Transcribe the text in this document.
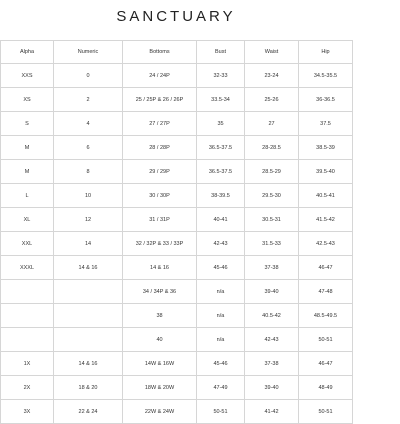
SANCTUARY
Alpha	Numeric	Bottoms	Bust	Waist	Hip
XXS	0	24 / 24P	32-33	23-24	34.5-35.5
XS	2	25 / 25P & 26 / 26P	33.5-34	25-26	36-36.5
S	4	27 / 27P	35	27	37.5
M	6	28 / 28P	36.5-37.5	28-28.5	38.5-39
M	8	29 / 29P	36.5-37.5	28.5-29	39.5-40
L	10	30 / 30P	38-39.5	29.5-30	40.5-41
XL	12	31 / 31P	40-41	30.5-31	41.5-42
XXL	14	32 / 32P & 33 / 33P	42-43	31.5-33	42.5-43
XXXL	14 & 16	14 & 16	45-46	37-38	46-47
		34 / 34P & 36	n/a	39-40	47-48
		38	n/a	40.5-42	48.5-49.5
		40	n/a	42-43	50-51
1X	14 & 16	14W & 16W	45-46	37-38	46-47
2X	18 & 20	18W & 20W	47-49	39-40	48-49
3X	22 & 24	22W & 24W	50-51	41-42	50-51
